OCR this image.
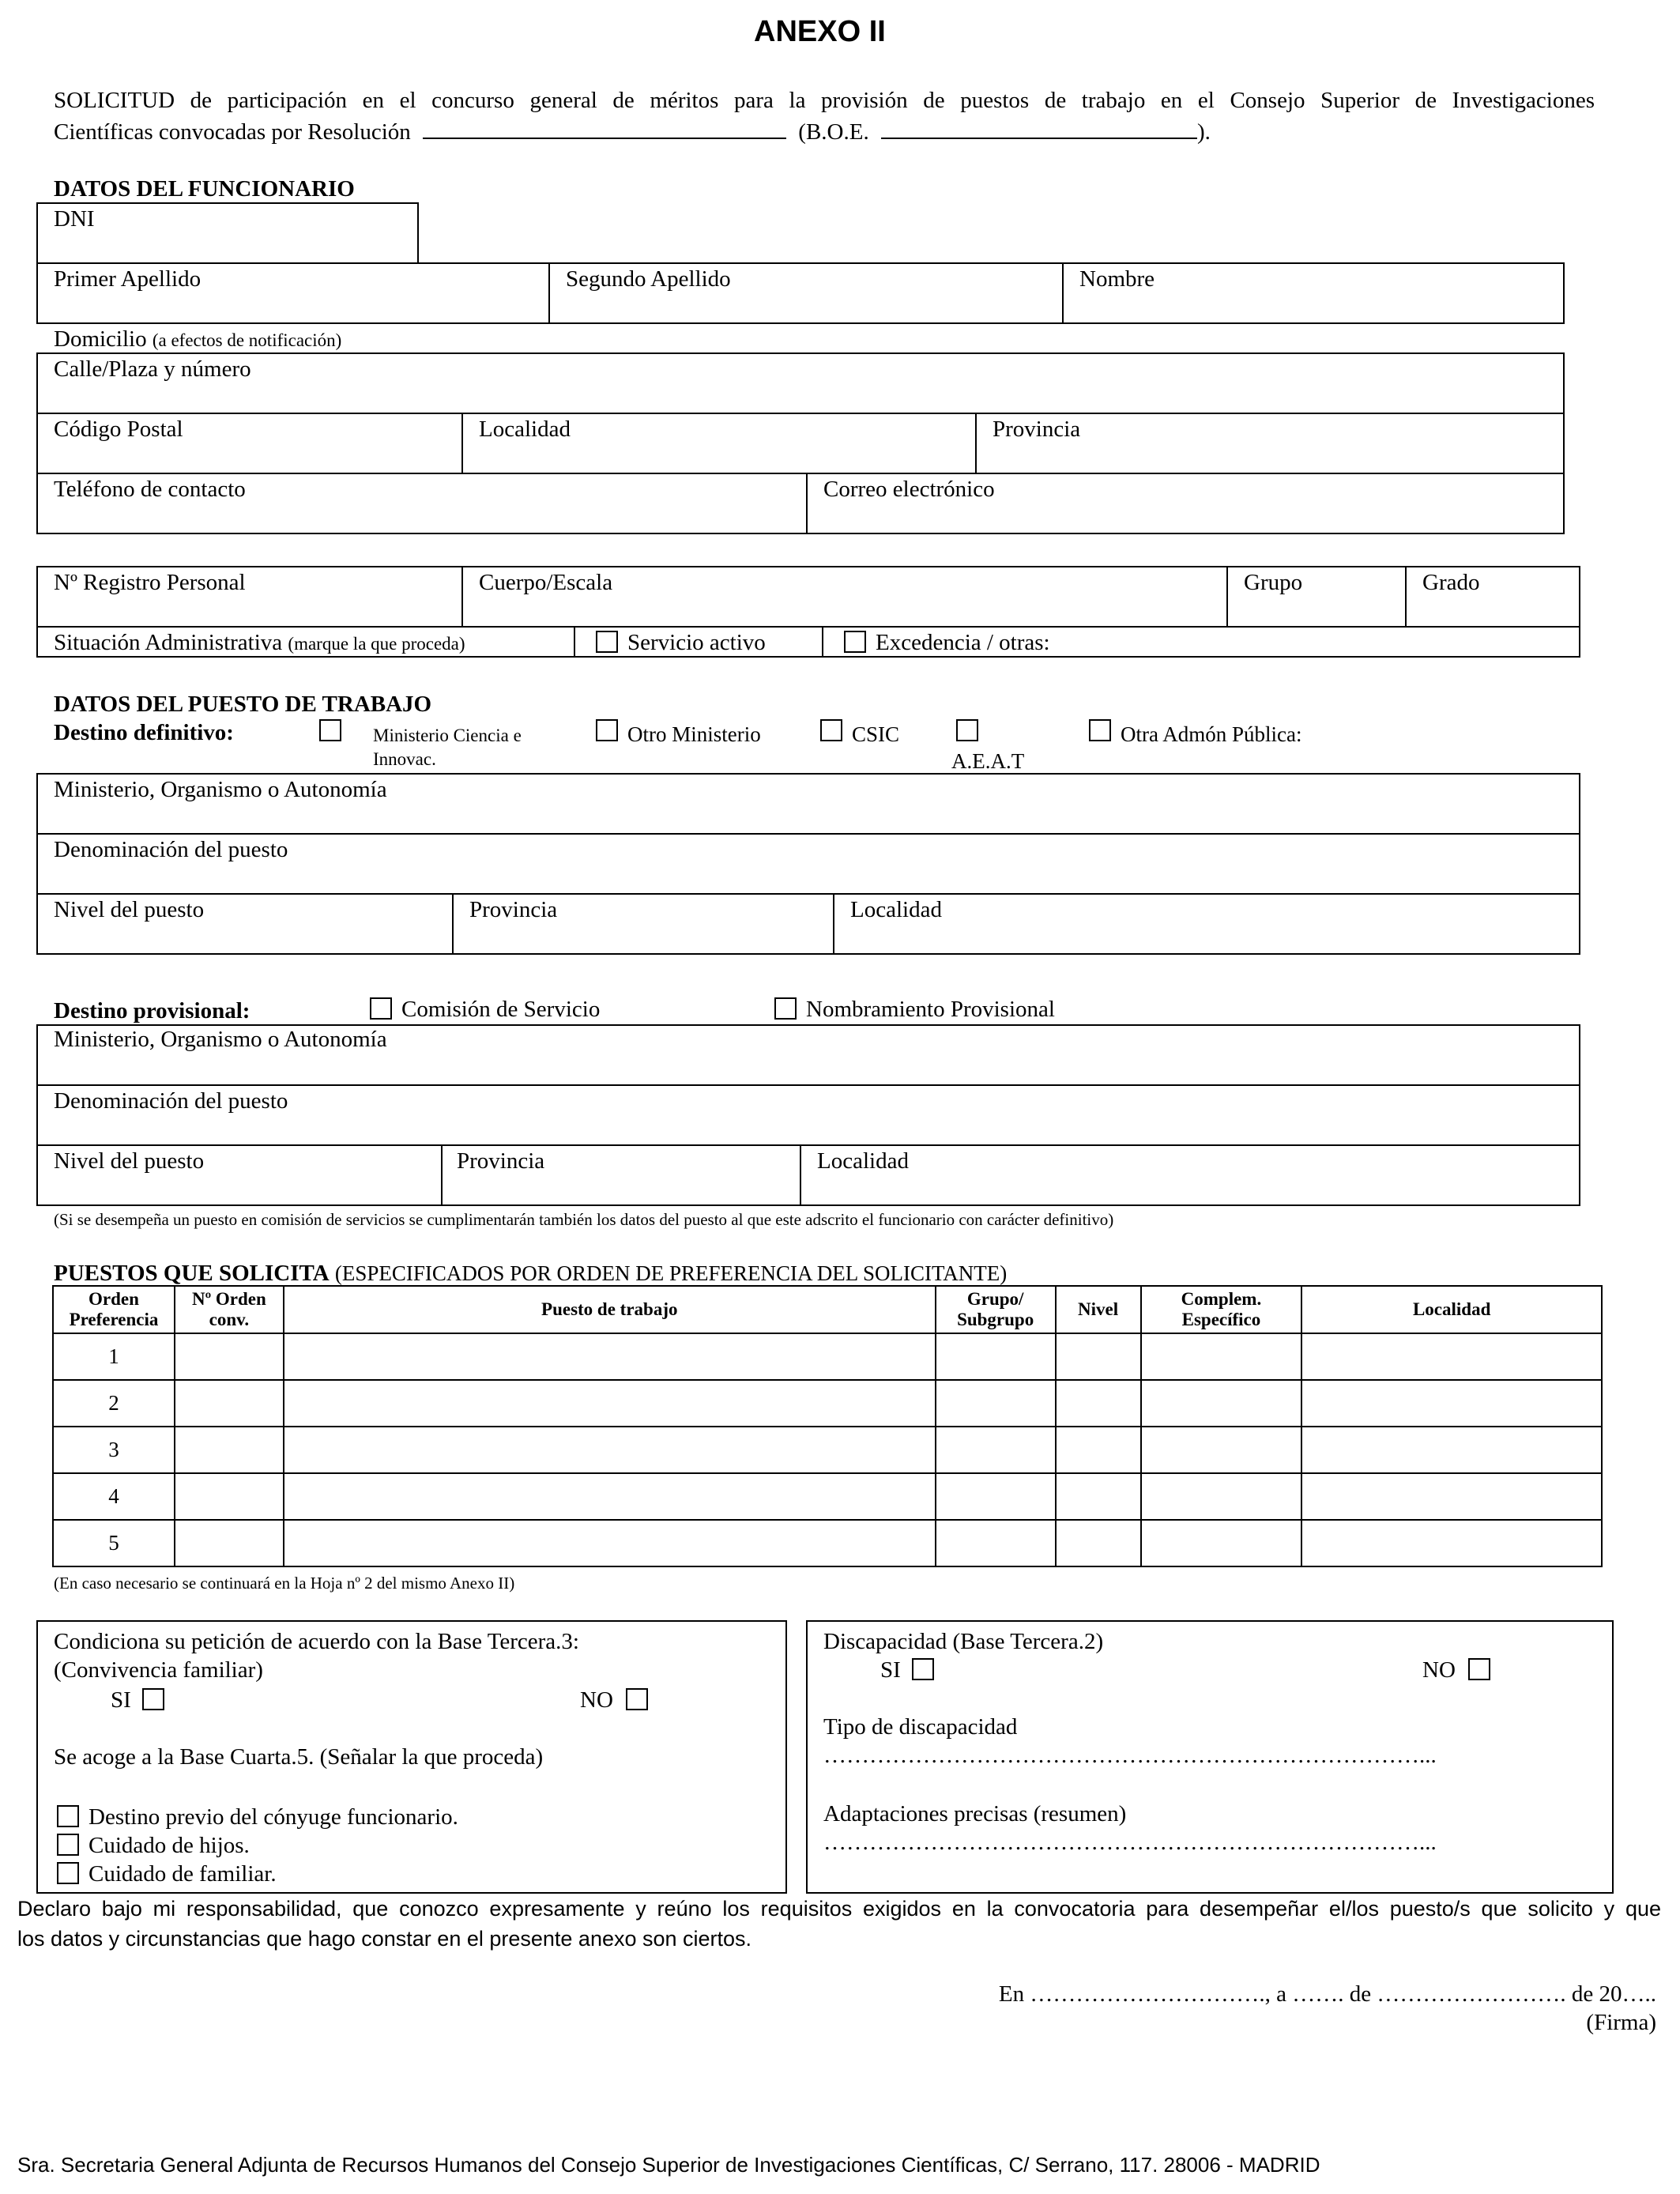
ANEXO II
SOLICITUD de participación en el concurso general de méritos para la provisión de puestos de trabajo en el Consejo Superior de Investigaciones
Científicas convocadas por Resolución	(B.O.E.	).
DATOS DEL FUNCIONARIO
DNI
Primer Apellido	Segundo Apellido	Nombre
Domicilio (a efectos de notificación)
Calle/Plaza y número
Código Postal	Localidad	Provincia
Teléfono de contacto	Correo electrónico
Nº Registro Personal	Cuerpo/Escala	Grupo	Grado
Situación Administrativa (marque la que proceda)	Servicio activo	Excedencia / otras:
DATOS DEL PUESTO DE TRABAJO
Destino definitivo:	Ministerio Ciencia e
Innovac.
Otro Ministerio	CSIC
A.E.A.T
Otra Admón Pública:
Ministerio, Organismo o Autonomía
Denominación del puesto
Nivel del puesto	Provincia	Localidad
Destino provisional:	Comisión de Servicio	Nombramiento Provisional
Ministerio, Organismo o Autonomía
Denominación del puesto
Nivel del puesto	Provincia	Localidad
(Si se desempeña un puesto en comisión de servicios se cumplimentarán también los datos del puesto al que este adscrito el funcionario con carácter definitivo)
PUESTOS QUE SOLICITA (ESPECIFICADOS POR ORDEN DE PREFERENCIA DEL SOLICITANTE)
Orden Preferencia	Nº Orden conv.	Puesto de trabajo	Grupo/ Subgrupo	Nivel	Complem. Específico	Localidad
1						
2						
3						
4						
5						
(En caso necesario se continuará en la Hoja nº 2 del mismo Anexo II)
Condiciona su petición de acuerdo con la Base Tercera.3:
(Convivencia familiar)
SI	NO
Se acoge a la Base Cuarta.5. (Señalar la que proceda)
Destino previo del cónyuge funcionario.
Cuidado de hijos.
Cuidado de familiar.
Discapacidad (Base Tercera.2)
SI	NO
Tipo de discapacidad
……………………………………………………………………...
Adaptaciones precisas (resumen)
……………………………………………………………………...
Declaro bajo mi responsabilidad, que conozco expresamente y reúno los requisitos exigidos en la convocatoria para desempeñar el/los puesto/s que solicito y que
los datos y circunstancias que hago constar en el presente anexo son ciertos.
En …………………………., a ……. de ……………………. de 20…..
(Firma)
Sra. Secretaria General Adjunta de Recursos Humanos del Consejo Superior de Investigaciones Científicas, C/ Serrano, 117. 28006 - MADRID
